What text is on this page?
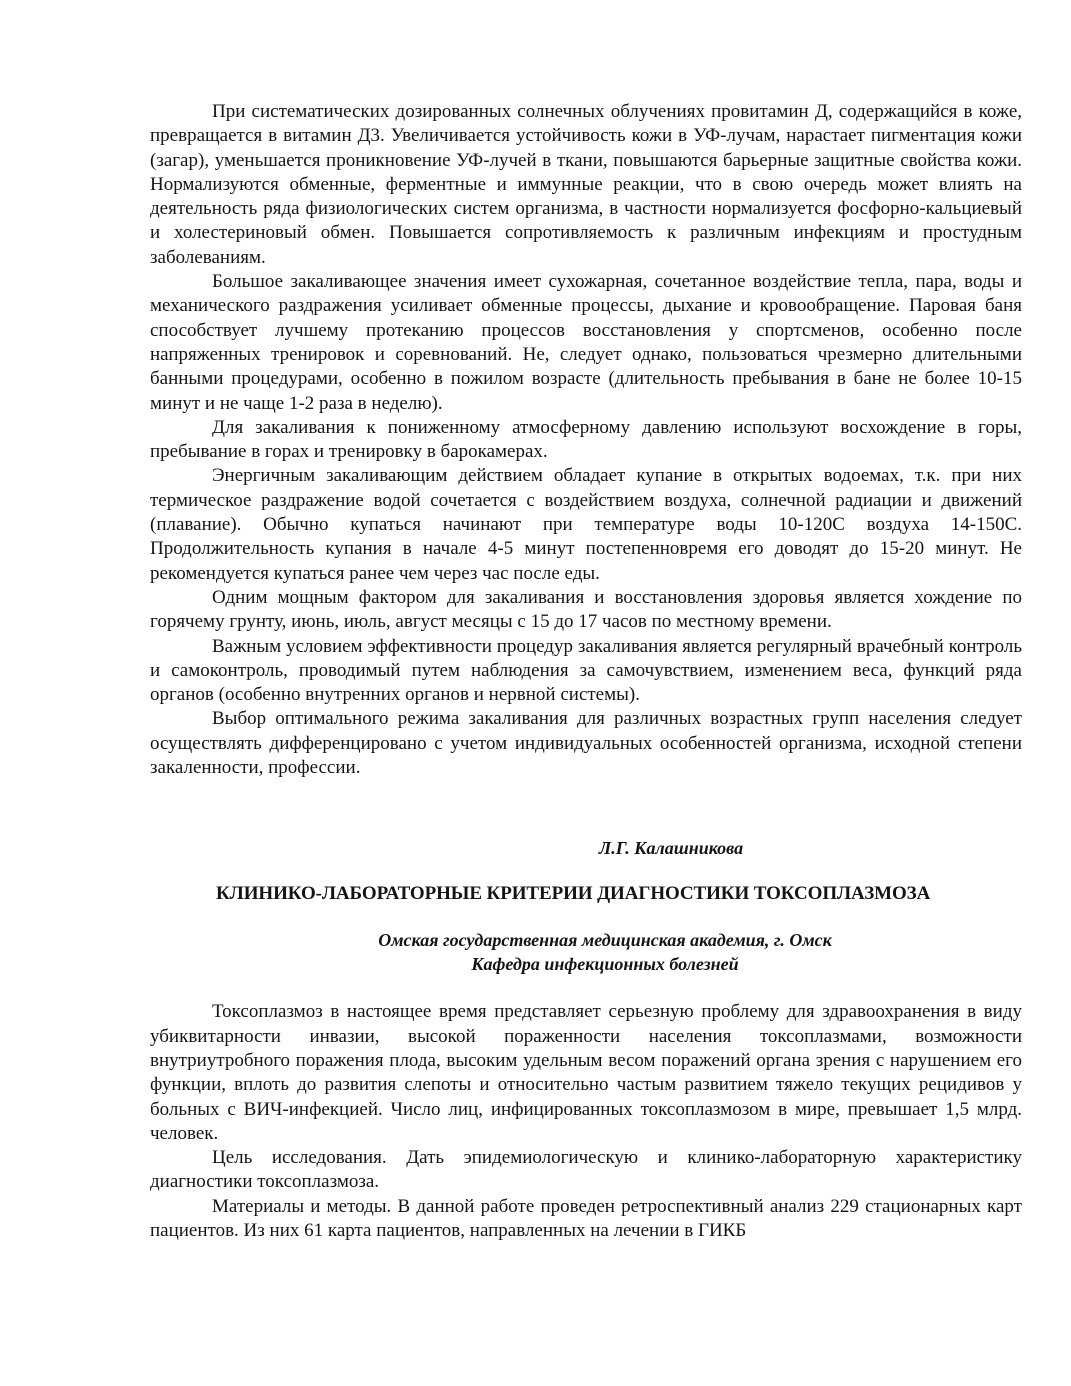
При систематических дозированных солнечных облучениях провитамин Д, содержащийся в коже, превращается в витамин Д3. Увеличивается устойчивость кожи в УФ-лучам, нарастает пигментация кожи (загар), уменьшается проникновение УФ-лучей в ткани, повышаются барьерные защитные свойства кожи. Нормализуются обменные, ферментные и иммунные реакции, что в свою очередь может влиять на деятельность ряда физиологических систем организма, в частности нормализуется фосфорно-кальциевый и холестериновый обмен. Повышается сопротивляемость к различным инфекциям и простудным заболеваниям.

Большое закаливающее значения имеет сухожарная, сочетанное воздействие тепла, пара, воды и механического раздражения усиливает обменные процессы, дыхание и кровообращение. Паровая баня способствует лучшему протеканию процессов восстановления у спортсменов, особенно после напряженных тренировок и соревнований. Не, следует однако, пользоваться чрезмерно длительными банными процедурами, особенно в пожилом возрасте (длительность пребывания в бане не более 10-15 минут и не чаще 1-2 раза в неделю).

Для закаливания к пониженному атмосферному давлению используют восхождение в горы, пребывание в горах и тренировку в барокамерах.

Энергичным закаливающим действием обладает купание в открытых водоемах, т.к. при них термическое раздражение водой сочетается с воздействием воздуха, солнечной радиации и движений (плавание). Обычно купаться начинают при температуре воды 10-120С воздуха 14-150С. Продолжительность купания в начале 4-5 минут постепенновремя его доводят до 15-20 минут. Не рекомендуется купаться ранее чем через час после еды.

Одним мощным фактором для закаливания и восстановления здоровья является хождение по горячему грунту, июнь, июль, август месяцы с 15 до 17 часов по местному времени.

Важным условием эффективности процедур закаливания является регулярный врачебный контроль и самоконтроль, проводимый путем наблюдения за самочувствием, изменением веса, функций ряда органов (особенно внутренних органов и нервной системы).

Выбор оптимального режима закаливания для различных возрастных групп населения следует осуществлять дифференцировано с учетом индивидуальных особенностей организма, исходной степени закаленности, профессии.

Л.Г. Калашникова

КЛИНИКО-ЛАБОРАТОРНЫЕ КРИТЕРИИ ДИАГНОСТИКИ ТОКСОПЛАЗМОЗА

Омская государственная медицинская академия, г. Омск
Кафедра инфекционных болезней

Токсоплазмоз в настоящее время представляет серьезную проблему для здравоохранения в виду убиквитарности инвазии, высокой пораженности населения токсоплазмами, возможности внутриутробного поражения плода, высоким удельным весом поражений органа зрения с нарушением его функции, вплоть до развития слепоты и относительно частым развитием тяжело текущих рецидивов у больных с ВИЧ-инфекцией. Число лиц, инфицированных токсоплазмозом в мире, превышает 1,5 млрд. человек.

Цель исследования. Дать эпидемиологическую и клинико-лабораторную характеристику диагностики токсоплазмоза.

Материалы и методы. В данной работе проведен ретроспективный анализ 229 стационарных карт пациентов. Из них 61 карта пациентов, направленных на лечении в ГИКБ
